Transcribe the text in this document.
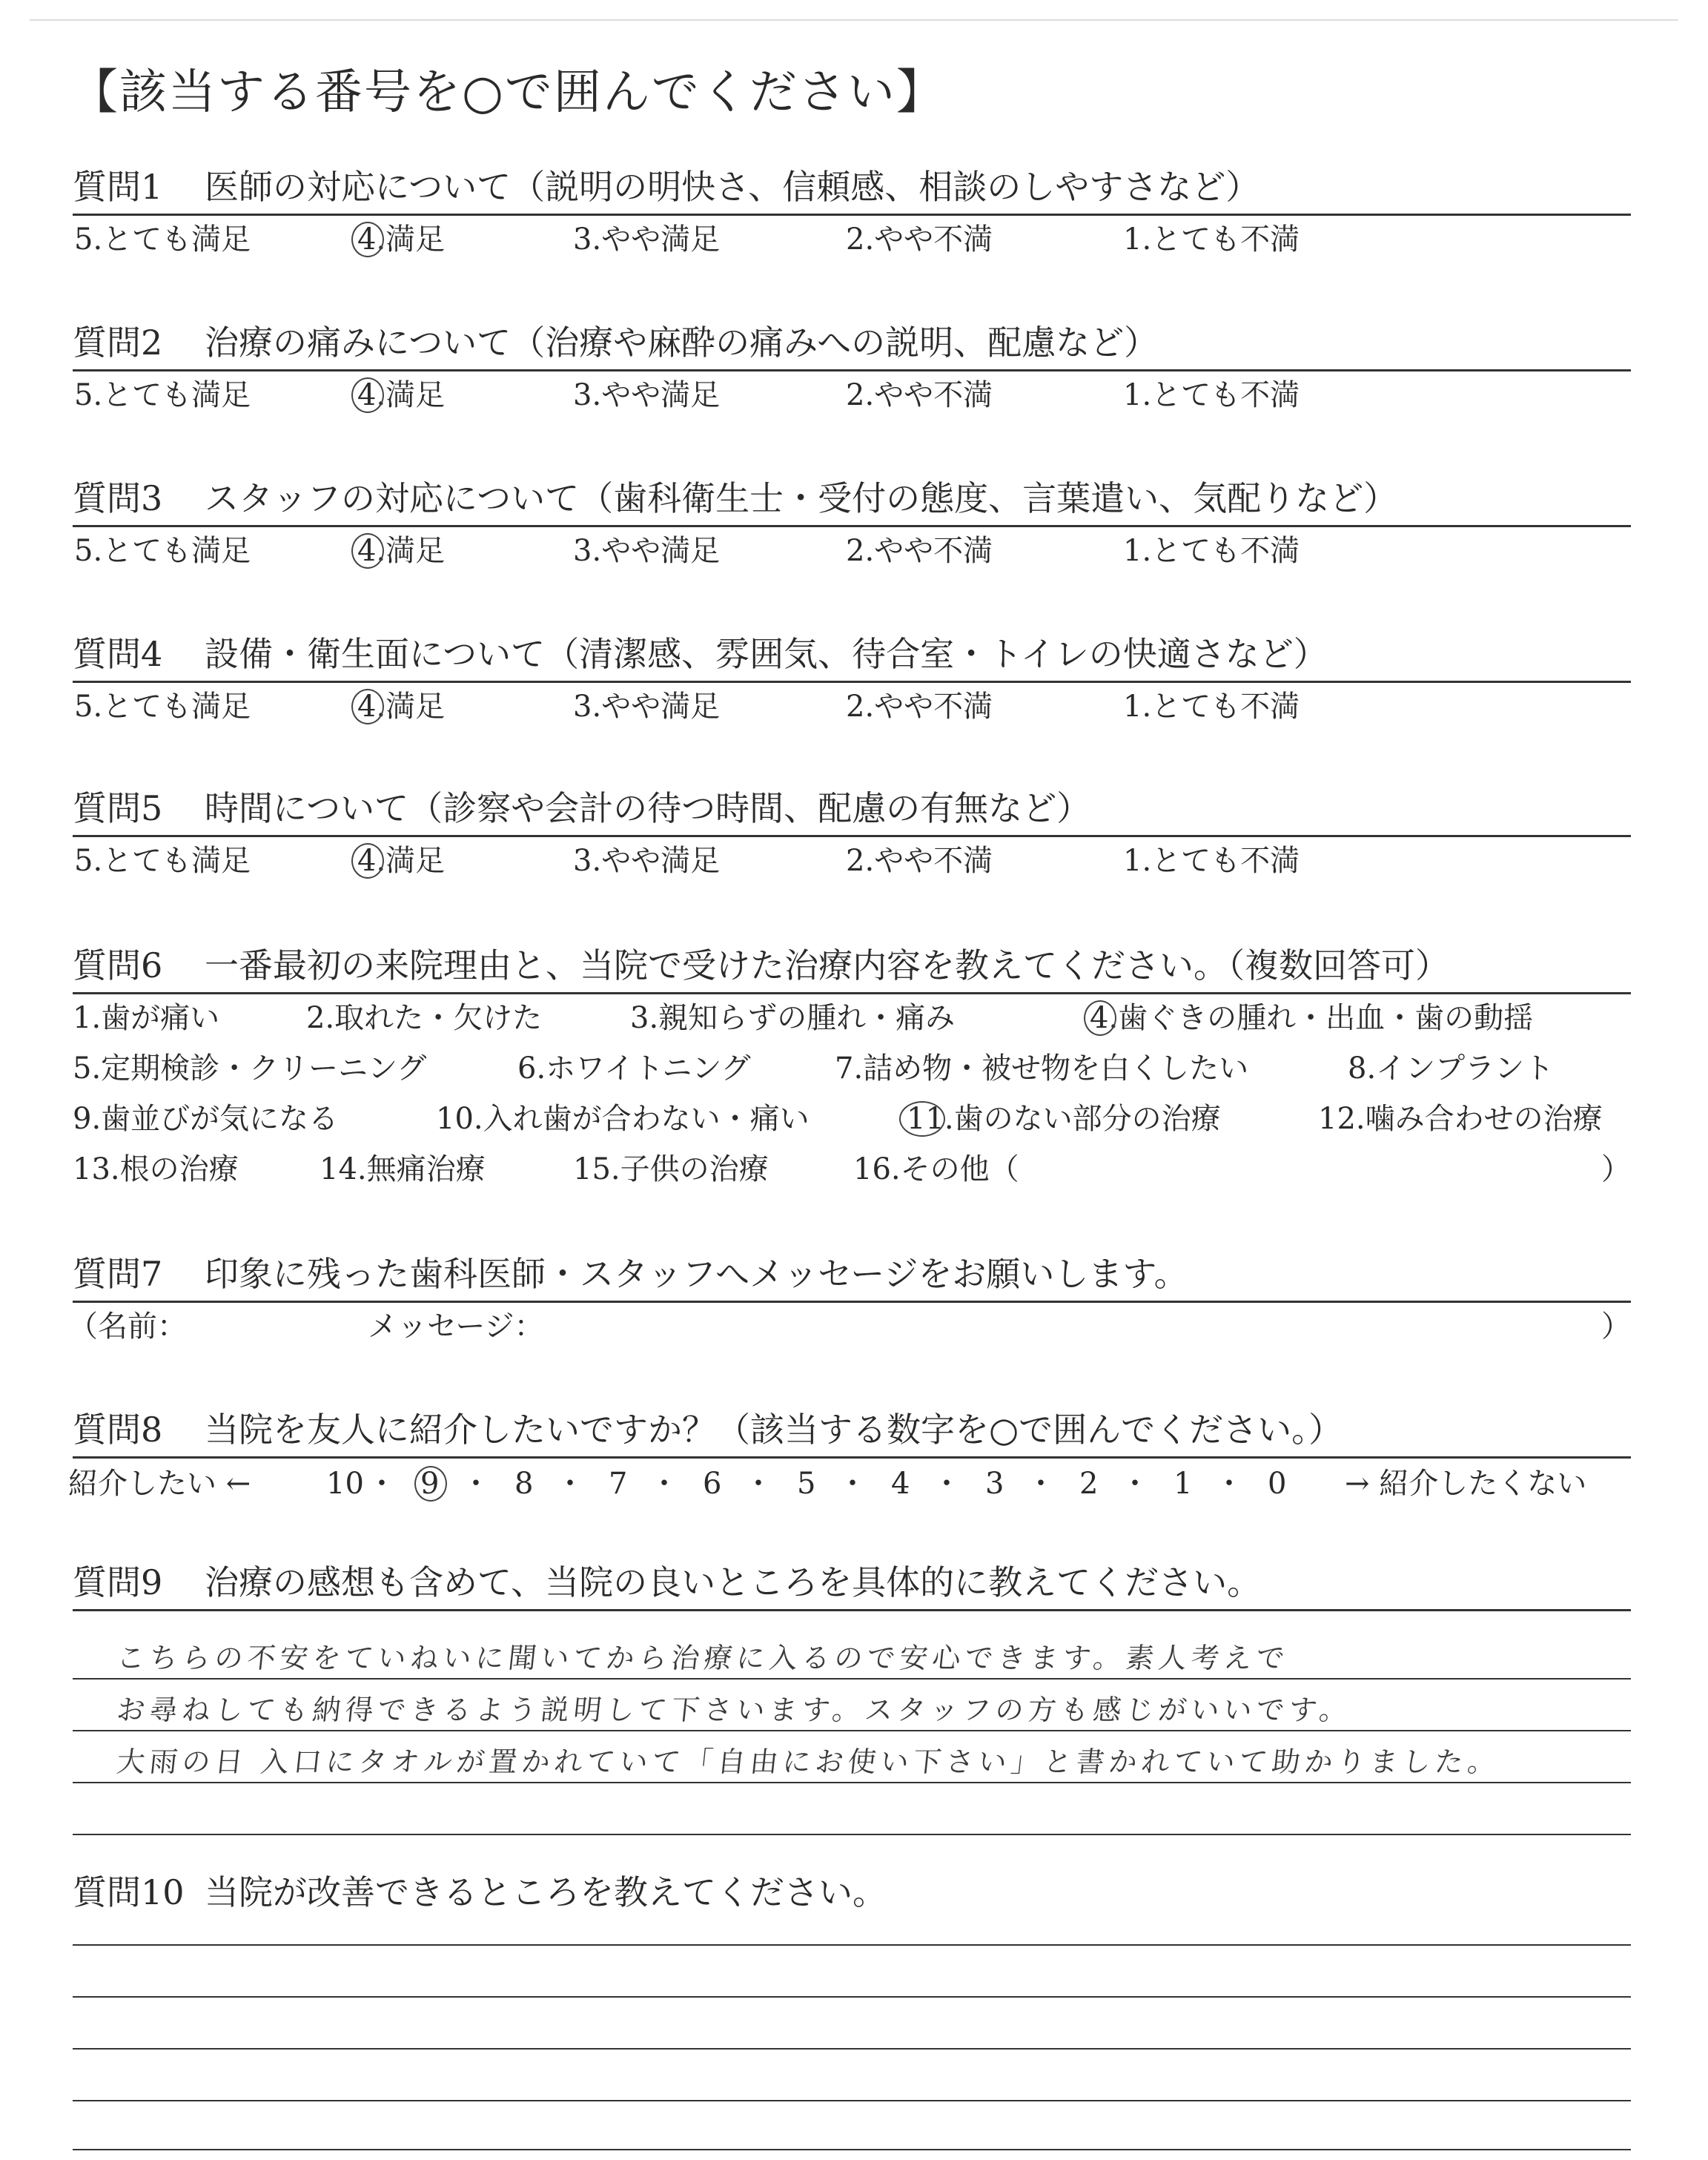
【該当する番号を○で囲んでください】
質問1 医師の対応について（説明の明快さ、信頼感、相談のしやすさなど）
5.とても満足	4.満足	3.やや満足	2.やや不満	1.とても不満
質問2 治療の痛みについて（治療や麻酔の痛みへの説明、配慮など）
5.とても満足	4.満足	3.やや満足	2.やや不満	1.とても不満
質問3 スタッフの対応について（歯科衛生士・受付の態度、言葉遣い、気配りなど）
5.とても満足	4.満足	3.やや満足	2.やや不満	1.とても不満
質問4 設備・衛生面について（清潔感、雰囲気、待合室・トイレの快適さなど）
5.とても満足	4.満足	3.やや満足	2.やや不満	1.とても不満
質問5 時間について（診察や会計の待つ時間、配慮の有無など）
5.とても満足	4.満足	3.やや満足	2.やや不満	1.とても不満
質問6 一番最初の来院理由と、当院で受けた治療内容を教えてください。（複数回答可）
1.歯が痛い	2.取れた・欠けた	3.親知らずの腫れ・痛み	4.歯ぐきの腫れ・出血・歯の動揺
5.定期検診・クリーニング	6.ホワイトニング	7.詰め物・被せ物を白くしたい	8.インプラント
9.歯並びが気になる	10.入れ歯が合わない・痛い	11.歯のない部分の治療	12.噛み合わせの治療
13.根の治療	14.無痛治療	15.子供の治療	16.その他（	）
質問7 印象に残った歯科医師・スタッフへメッセージをお願いします。
（名前：	メッセージ：	）
質問8 当院を友人に紹介したいですか？（該当する数字を○で囲んでください。）
紹介したい ←	→ 紹介したくない
10 ・ 9 ・ 8 ・ 7 ・ 6 ・ 5 ・ 4 ・ 3 ・ 2 ・ 1 ・ 0
質問9 治療の感想も含めて、当院の良いところを具体的に教えてください。
こちらの不安をていねいに聞いてから治療に入るので安心できます。素人考えで
お尋ねしても納得できるよう説明して下さいます。スタッフの方も感じがいいです。
大雨の日 入口にタオルが置かれていて「自由にお使い下さい」と書かれていて助かりました。
質問10 当院が改善できるところを教えてください。
